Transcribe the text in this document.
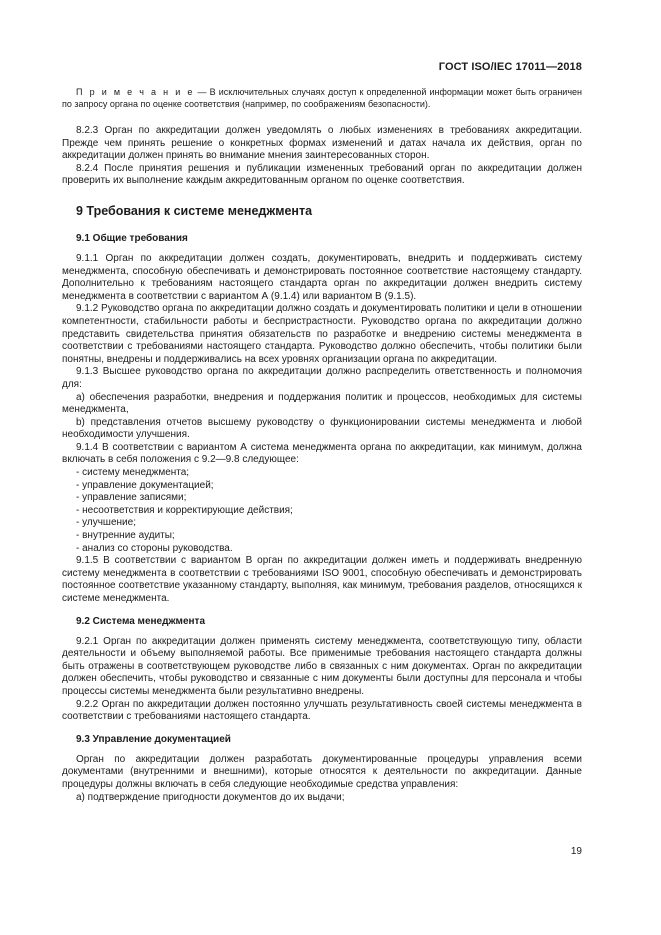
ГОСТ ISO/IEC 17011—2018

П р и м е ч а н и е — В исключительных случаях доступ к определенной информации может быть ограничен по запросу органа по оценке соответствия (например, по соображениям безопасности).

8.2.3 Орган по аккредитации должен уведомлять о любых изменениях в требованиях аккредитации. Прежде чем принять решение о конкретных формах изменений и датах начала их действия, орган по аккредитации должен принять во внимание мнения заинтересованных сторон.

8.2.4 После принятия решения и публикации измененных требований орган по аккредитации должен проверить их выполнение каждым аккредитованным органом по оценке соответствия.

9 Требования к системе менеджмента
9.1 Общие требования

9.1.1 Орган по аккредитации должен создать, документировать, внедрить и поддерживать систему менеджмента, способную обеспечивать и демонстрировать постоянное соответствие настоящему стандарту. Дополнительно к требованиям настоящего стандарта орган по аккредитации должен внедрить систему менеджмента в соответствии с вариантом А (9.1.4) или вариантом В (9.1.5).

9.1.2 Руководство органа по аккредитации должно создать и документировать политики и цели в отношении компетентности, стабильности работы и беспристрастности. Руководство органа по аккредитации должно представить свидетельства принятия обязательств по разработке и внедрению системы менеджмента в соответствии с требованиями настоящего стандарта. Руководство должно обеспечить, чтобы политики были понятны, внедрены и поддерживались на всех уровнях организации органа по аккредитации.

9.1.3 Высшее руководство органа по аккредитации должно распределить ответственность и полномочия для:

a) обеспечения разработки, внедрения и поддержания политик и процессов, необходимых для системы менеджмента,

b) представления отчетов высшему руководству о функционировании системы менеджмента и любой необходимости улучшения.

9.1.4 В соответствии с вариантом А система менеджмента органа по аккредитации, как минимум, должна включать в себя положения с 9.2—9.8 следующее:

- систему менеджмента;
- управление документацией;
- управление записями;
- несоответствия и корректирующие действия;
- улучшение;
- внутренние аудиты;
- анализ со стороны руководства.

9.1.5 В соответствии с вариантом В орган по аккредитации должен иметь и поддерживать внедренную систему менеджмента в соответствии с требованиями ISO 9001, способную обеспечивать и демонстрировать постоянное соответствие указанному стандарту, выполняя, как минимум, требования разделов, относящихся к системе менеджмента.

9.2 Система менеджмента

9.2.1 Орган по аккредитации должен применять систему менеджмента, соответствующую типу, области деятельности и объему выполняемой работы. Все применимые требования настоящего стандарта должны быть отражены в соответствующем руководстве либо в связанных с ним документах. Орган по аккредитации должен обеспечить, чтобы руководство и связанные с ним документы были доступны для персонала и чтобы процессы системы менеджмента были результативно внедрены.

9.2.2 Орган по аккредитации должен постоянно улучшать результативность своей системы менеджмента в соответствии с требованиями настоящего стандарта.

9.3 Управление документацией

Орган по аккредитации должен разработать документированные процедуры управления всеми документами (внутренними и внешними), которые относятся к деятельности по аккредитации. Данные процедуры должны включать в себя следующие необходимые средства управления:

a) подтверждение пригодности документов до их выдачи;

19
